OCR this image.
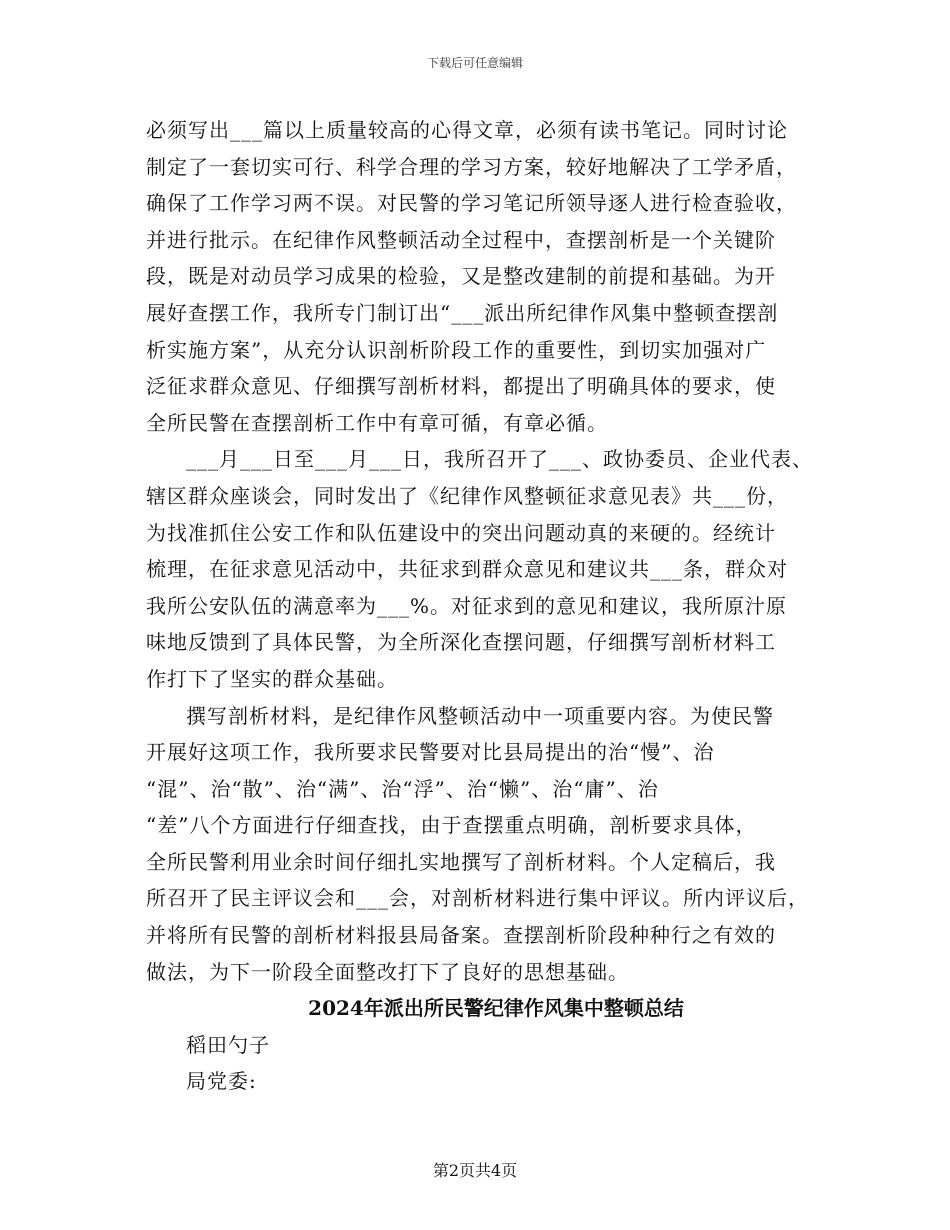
下载后可任意编辑
必须写出___篇以上质量较高的心得文章，必须有读书笔记。同时讨论
制定了一套切实可行、科学合理的学习方案，较好地解决了工学矛盾，
确保了工作学习两不误。对民警的学习笔记所领导逐人进行检查验收，
并进行批示。在纪律作风整顿活动全过程中，查摆剖析是一个关键阶
段，既是对动员学习成果的检验，又是整改建制的前提和基础。为开
展好查摆工作，我所专门制订出“___派出所纪律作风集中整顿查摆剖
析实施方案”，从充分认识剖析阶段工作的重要性，到切实加强对广
泛征求群众意见、仔细撰写剖析材料，都提出了明确具体的要求，使
全所民警在查摆剖析工作中有章可循，有章必循。
___月___日至___月___日，我所召开了___、政协委员、企业代表、
辖区群众座谈会，同时发出了《纪律作风整顿征求意见表》共___份，
为找准抓住公安工作和队伍建设中的突出问题动真的来硬的。经统计
梳理，在征求意见活动中，共征求到群众意见和建议共___条，群众对
我所公安队伍的满意率为___%。对征求到的意见和建议，我所原汁原
味地反馈到了具体民警，为全所深化查摆问题，仔细撰写剖析材料工
作打下了坚实的群众基础。
撰写剖析材料，是纪律作风整顿活动中一项重要内容。为使民警
开展好这项工作，我所要求民警要对比县局提出的治“慢”、治
“混”、治“散”、治“满”、治“浮”、治“懒”、治“庸”、治
“差”八个方面进行仔细查找，由于查摆重点明确，剖析要求具体，
全所民警利用业余时间仔细扎实地撰写了剖析材料。个人定稿后，我
所召开了民主评议会和___会，对剖析材料进行集中评议。所内评议后，
并将所有民警的剖析材料报县局备案。查摆剖析阶段种种行之有效的
做法，为下一阶段全面整改打下了良好的思想基础。
2024年派出所民警纪律作风集中整顿总结
稻田勺子
局党委:
第2页共4页
